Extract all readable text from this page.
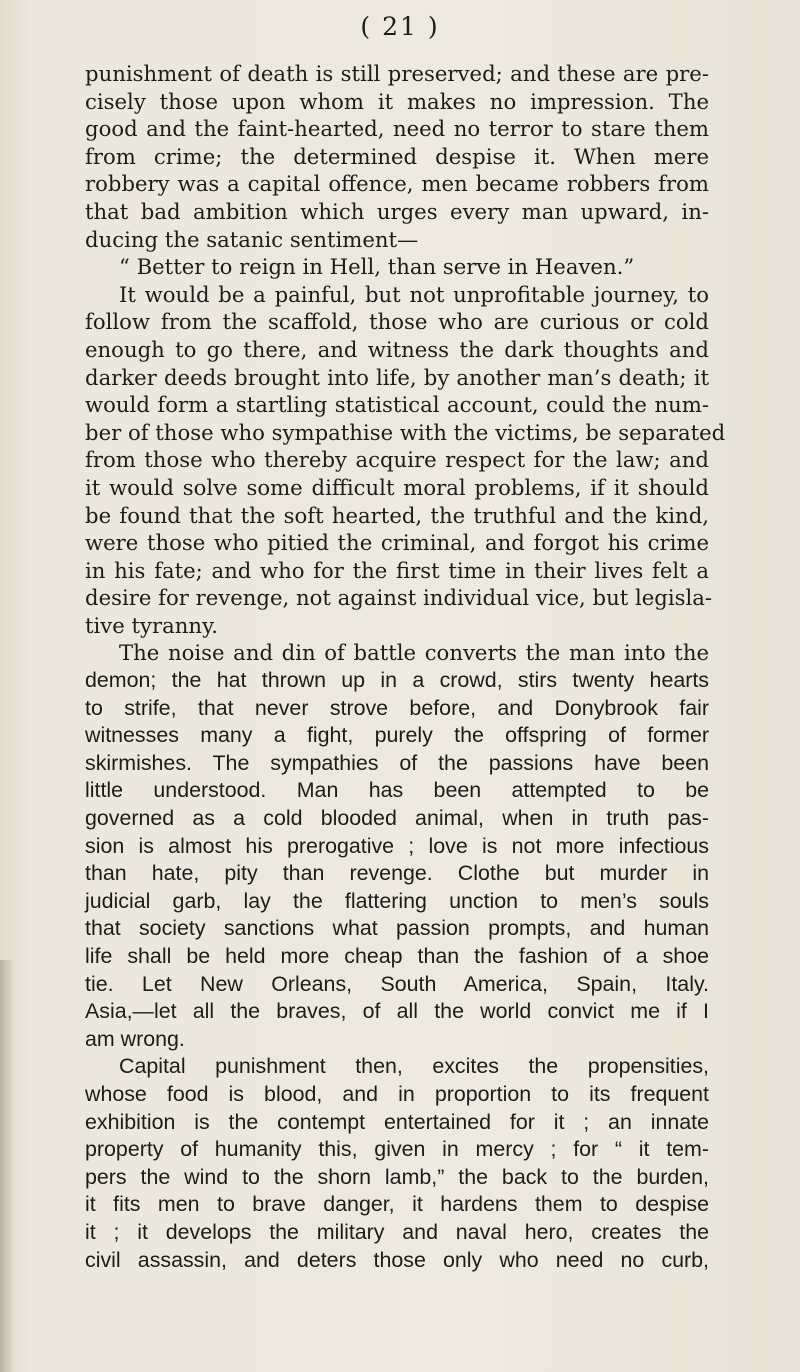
( 21 )
punishment of death is still preserved; and these are pre-
cisely those upon whom it makes no impression. The
good and the faint-hearted, need no terror to stare them
from crime; the determined despise it. When mere
robbery was a capital offence, men became robbers from
that bad ambition which urges every man upward, in-
ducing the satanic sentiment—
“ Better to reign in Hell, than serve in Heaven.”
It would be a painful, but not unprofitable journey, to
follow from the scaffold, those who are curious or cold
enough to go there, and witness the dark thoughts and
darker deeds brought into life, by another man’s death; it
would form a startling statistical account, could the num-
ber of those who sympathise with the victims, be separated
from those who thereby acquire respect for the law; and
it would solve some difficult moral problems, if it should
be found that the soft hearted, the truthful and the kind,
were those who pitied the criminal, and forgot his crime
in his fate; and who for the first time in their lives felt a
desire for revenge, not against individual vice, but legisla-
tive tyranny.
The noise and din of battle converts the man into the
demon; the hat thrown up in a crowd, stirs twenty hearts
to strife, that never strove before, and Donybrook fair
witnesses many a fight, purely the offspring of former
skirmishes. The sympathies of the passions have been
little understood. Man has been attempted to be
governed as a cold blooded animal, when in truth pas-
sion is almost his prerogative ; love is not more infectious
than hate, pity than revenge. Clothe but murder in
judicial garb, lay the flattering unction to men’s souls
that society sanctions what passion prompts, and human
life shall be held more cheap than the fashion of a shoe
tie. Let New Orleans, South America, Spain, Italy.
Asia,—let all the braves, of all the world convict me if I
am wrong.
Capital punishment then, excites the propensities,
whose food is blood, and in proportion to its frequent
exhibition is the contempt entertained for it ; an innate
property of humanity this, given in mercy ; for “ it tem-
pers the wind to the shorn lamb,” the back to the burden,
it fits men to brave danger, it hardens them to despise
it ; it develops the military and naval hero, creates the
civil assassin, and deters those only who need no curb,
